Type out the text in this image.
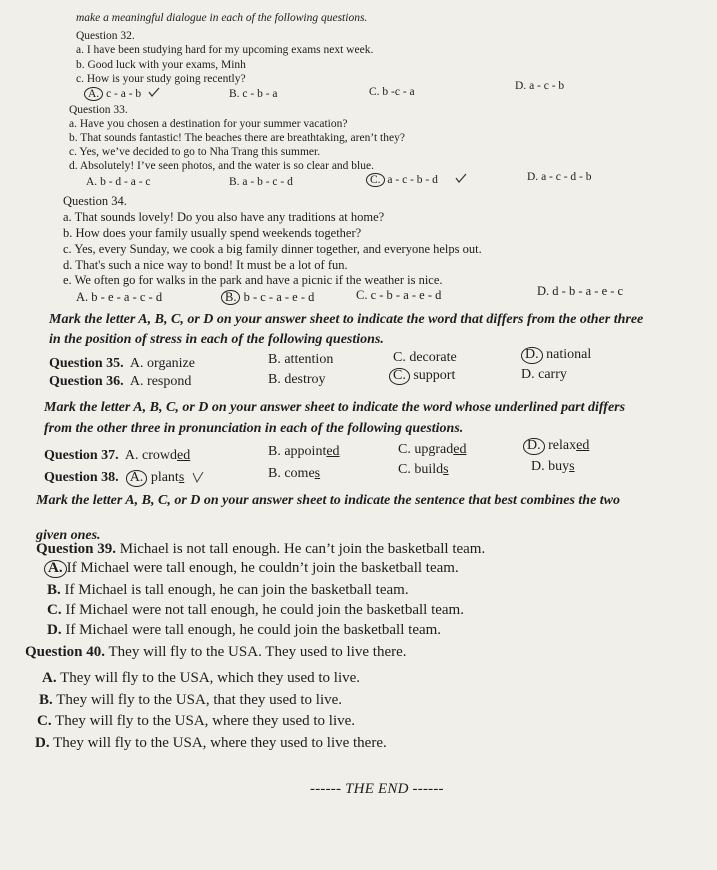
make a meaningful dialogue in each of the following questions.
Question 32.
a. I have been studying hard for my upcoming exams next week.
b. Good luck with your exams, Minh
c. How is your study going recently?
A. c - a - b	B. c - b - a	C. b -c - a	D. a - c - b
Question 33.
a. Have you chosen a destination for your summer vacation?
b. That sounds fantastic! The beaches there are breathtaking, aren’t they?
c. Yes, we’ve decided to go to Nha Trang this summer.
d. Absolutely! I’ve seen photos, and the water is so clear and blue.
A. b - d - a - c	B. a - b - c - d	C. a - c - b - d	D. a - c - d - b
Question 34.
a. That sounds lovely! Do you also have any traditions at home?
b. How does your family usually spend weekends together?
c. Yes, every Sunday, we cook a big family dinner together, and everyone helps out.
d. That's such a nice way to bond! It must be a lot of fun.
e. We often go for walks in the park and have a picnic if the weather is nice.
A. b - e - a - c - d	B. b - c - a - e - d	C. c - b - a - e - d	D. d - b - a - e - c
Mark the letter A, B, C, or D on your answer sheet to indicate the word that differs from the other three
in the position of stress in each of the following questions.
Question 35. A. organize	B. attention	C. decorate	D. national
Question 36. A. respond	B. destroy	C. support	D. carry
Mark the letter A, B, C, or D on your answer sheet to indicate the word whose underlined part differs
from the other three in pronunciation in each of the following questions.
Question 37. A. crowded	B. appointed	C. upgraded	D. relaxed
Question 38. A. plants	B. comes	C. builds	D. buys
Mark the letter A, B, C, or D on your answer sheet to indicate the sentence that best combines the two
given ones.
Question 39. Michael is not tall enough. He can’t join the basketball team.
A. If Michael were tall enough, he couldn’t join the basketball team.
B. If Michael is tall enough, he can join the basketball team.
C. If Michael were not tall enough, he could join the basketball team.
D. If Michael were tall enough, he could join the basketball team.
Question 40. They will fly to the USA. They used to live there.
A. They will fly to the USA, which they used to live.
B. They will fly to the USA, that they used to live.
C. They will fly to the USA, where they used to live.
D. They will fly to the USA, where they used to live there.
------ THE END ------
